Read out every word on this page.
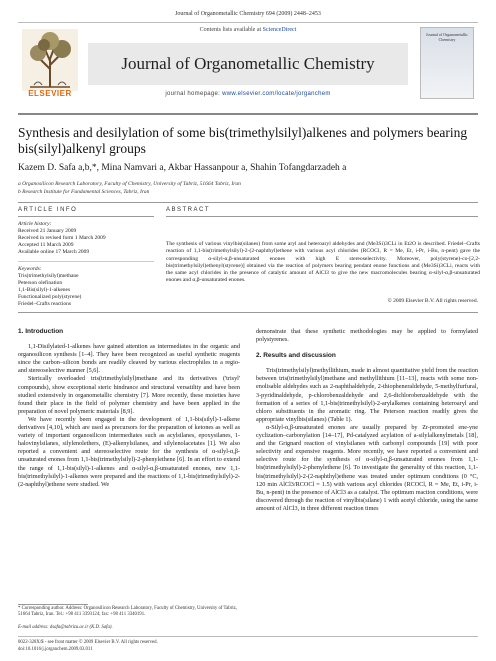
Journal of Organometallic Chemistry 694 (2009) 2448–2453
ELSEVIER
Contents lists available at ScienceDirect
Journal of Organometallic Chemistry
journal homepage: www.elsevier.com/locate/jorganchem
Journal of Organometallic Chemistry
Synthesis and desilylation of some bis(trimethylsilyl)alkenes and polymers bearing bis(silyl)alkenyl groups
Kazem D. Safa a,b,*, Mina Namvari a, Akbar Hassanpour a, Shahin Tofangdarzadeh a
a Organosilicon Research Laboratory, Faculty of Chemistry, University of Tabriz, 51664 Tabriz, Iran
b Research Institute for Fundamental Sciences, Tabriz, Iran
ARTICLE INFO	ABSTRACT
Article history:
Received 21 January 2009
Received in revised form 1 March 2009
Accepted 11 March 2009
Available online 17 March 2009
Keywords:
Tris(trimethylsilyl)methane
Peterson olefination
1,1-Bis(silyl)-1-alkenes
Functionalized poly(styrene)
Friedel–Crafts reactions
The synthesis of various vinylbis(silanes) from some aryl and heteroaryl aldehydes and (Me3Si)3CLi in Et2O is described. Friedel–Crafts reaction of 1,1-bis(trimethylsilyl)-2-(2-naphthyl)ethene with various acyl chlorides (RCOCl, R = Me, Et, i-Pr, i-Bu, n-pent) gave the corresponding α-silyl-α,β-unsaturated enones with high E stereoselectivity. Moreover, poly(styrene)-co-[2,2-bis(trimethylsilyl)ethenyl(styrene)] obtained via the reaction of polymers bearing pendant enone functions and (Me3Si)3CLi, reacts with the same acyl chlorides in the presence of catalytic amount of AlCl3 to give the new macromolecules bearing α-silyl-α,β-unsaturated enones and α,β-unsaturated enones.
© 2009 Elsevier B.V. All rights reserved.
1. Introduction

1,1-Disilylated-1-alkenes have gained attention as intermediates in the organic and organosilicon synthesis [1–4]. They have been recognized as useful synthetic reagents since the carbon–silicon bonds are readily cleaved by various electrophiles in a regio- and stereoselective manner [5,6].

Sterically overloaded tris(trimethylsilyl)methane and its derivatives ('trisyl' compounds), show exceptional steric hindrance and structural versatility and have been studied extensively in organometallic chemistry [7]. More recently, these moieties have found their place in the field of polymer chemistry and have been applied in the preparation of novel polymeric materials [8,9].

We have recently been engaged in the development of 1,1-bis(silyl)-1-alkene derivatives [4,10], which are used as precursors for the preparation of ketones as well as variety of important organosilicon intermediates such as acylsilanes, epoxysilanes, 1-halovinylsilanes, silylenolethers, (E)-alkenylsilanes, and silylenolacetates [1]. We also reported a convenient and stereoselective route for the synthesis of α-silyl-α,β-unsaturated enones from 1,1-bis(trimethylsilyl)-2-phenylethene [6]. In an effort to extend the range of 1,1-bis(silyl)-1-alkenes and α-silyl-α,β-unsaturated enones, new 1,1-bis(trimethylsilyl)-1-alkenes were prepared and the reactions of 1,1-bis(trimethylsilyl)-2-(2-naphthyl)ethene were studied. We

demonstrate that these synthetic methodologies may be applied to formylated polystyrenes.
2. Results and discussion

Tris(trimethylsilyl)methyllithium, made in almost quantitative yield from the reaction between tris(trimethylsilyl)methane and methyllithium [11–13], reacts with some non-enolisable aldehydes such as 2-naphthaldehyde, 2-thiopheneraldehyde, 5-methylfurfural, 3-pyridinaldehyde, p-chlorobenzaldehyde and 2,6-dichlorobenzaldehyde with the formation of a series of 1,1-bis(trimethylsilyl)-2-arylalkenes containing heteroaryl and chloro substituents in the aromatic ring. The Peterson reaction readily gives the appropriate vinylbis(silanes) (Table 1).

α-Silyl-α,β-unsaturated enones are usually prepared by Zr-promoted ene-yne cyclization–carbonylation [14–17], Pd-catalyzed acylation of a-silylalkenylmetals [18], and the Grignard reaction of vinylsilanes with carbonyl compounds [19] with poor selectivity and expensive reagents. More recently, we have reported a convenient and selective route for the synthesis of α-silyl-α,β-unsaturated enones from 1,1-bis(trimethylsilyl)-2-phenylethene [6]. To investigate the generality of this reaction, 1,1-bis(trimethylsilyl)-2-(2-naphthyl)ethene was treated under optimum conditions (0 °C, 120 min AlCl3/RCOCl = 1.5) with various acyl chlorides (RCOCl, R = Me, Et, i-Pr, i-Bu, n-pent) in the presence of AlCl3 as a catalyst. The optimum reaction conditions, were discovered through the reaction of vinylbis(silane) 1 with acetyl chloride, using the same amount of AlCl3, in three different reaction times

* Corresponding author. Address: Organosilicon Research Laboratory, Faculty of Chemistry, University of Tabriz, 51664 Tabriz, Iran. Tel.: +98 411 3393124; fax: +98 411 3340191.
E-mail address: dsafa@tabrizu.ac.ir (K.D. Safa).
0022-328X/$ - see front matter © 2009 Elsevier B.V. All rights reserved.
doi:10.1016/j.jorganchem.2009.03.011
